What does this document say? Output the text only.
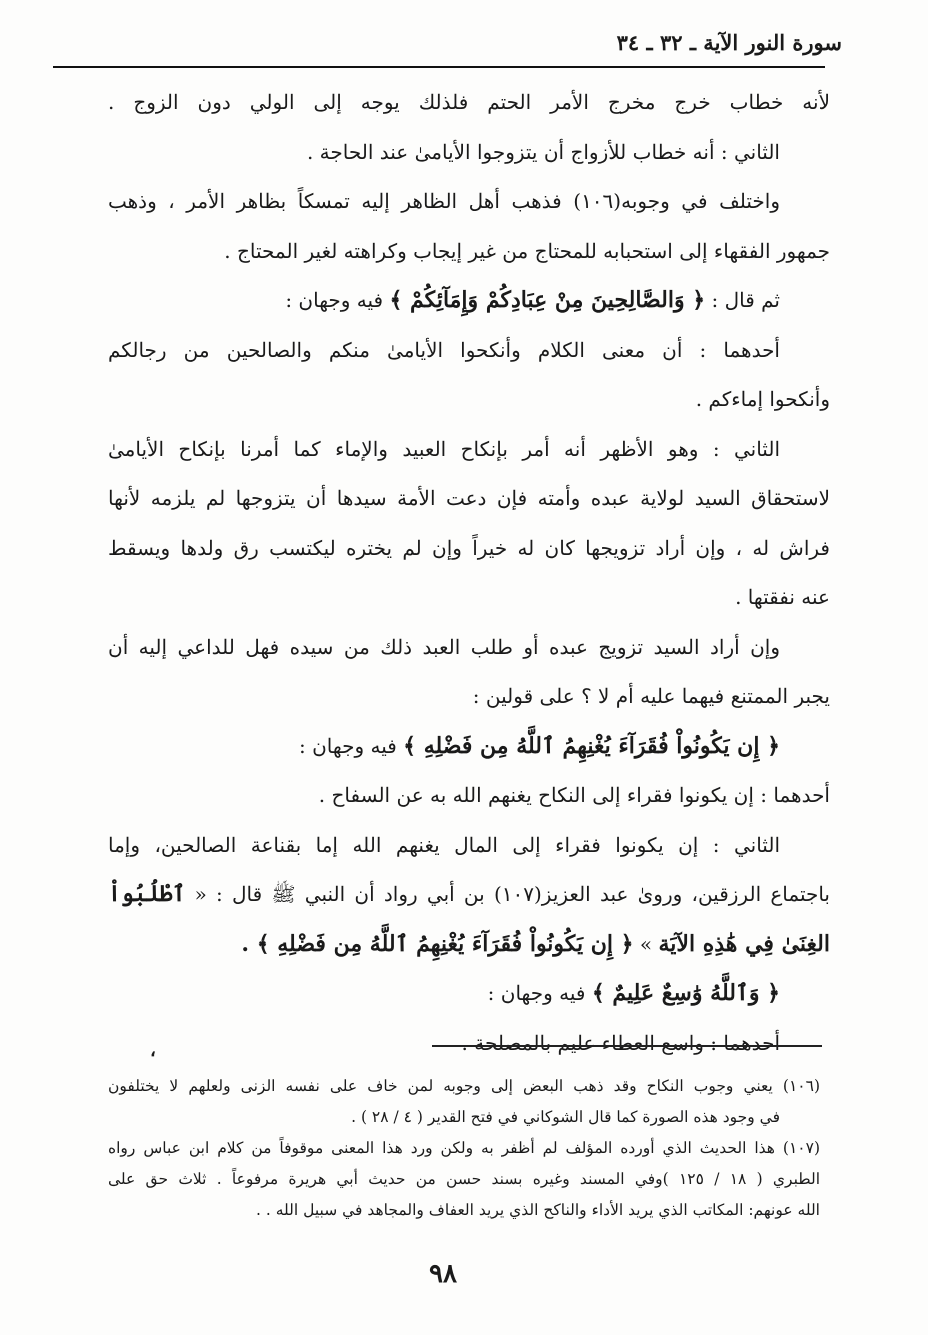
سورة النور الآية ـ ٣٢ ـ ٣٤

لأنه خطاب خرج مخرج الأمر الحتم فلذلك يوجه إلى الولي دون الزوج .

الثاني : أنه خطاب للأزواج أن يتزوجوا الأيامىٰ عند الحاجة .

واختلف في وجوبه(١٠٦) فذهب أهل الظاهر إليه تمسكاً بظاهر الأمر ، وذهب

جمهور الفقهاء إلى استحبابه للمحتاج من غير إيجاب وكراهته لغير المحتاج .

ثم قال : ﴿ وَالصَّالِحِينَ مِنْ عِبَادِكُمْ وَإِمَآئِكُمْ ﴾ فيه وجهان :

أحدهما : أن معنى الكلام وأنكحوا الأيامىٰ منكم والصالحين من رجالكم

وأنكحوا إماءكم .

الثاني : وهو الأظهر أنه أمر بإنكاح العبيد والإماء كما أمرنا بإنكاح الأيامىٰ

لاستحقاق السيد لولاية عبده وأمته فإن دعت الأمة سيدها أن يتزوجها لم يلزمه لأنها

فراش له ، وإن أراد تزويجها كان له خيراً وإن لم يختره ليكتسب رق ولدها ويسقط

عنه نفقتها .

وإن أراد السيد تزويج عبده أو طلب العبد ذلك من سيده فهل للداعي إليه أن

يجبر الممتنع فيهما عليه أم لا ؟ على قولين :

﴿ إِن يَكُونُواْ فُقَرَآءَ يُغْنِهِمُ ٱللَّهُ مِن فَضْلِهِ ﴾ فيه وجهان :

أحدهما : إن يكونوا فقراء إلى النكاح يغنهم الله به عن السفاح .

الثاني : إن يكونوا فقراء إلى المال يغنهم الله إما بقناعة الصالحين، وإما

باجتماع الرزقين، وروىٰ عبد العزيز(١٠٧) بن أبي رواد أن النبي ﷺ قال : « ٱطْلُبُواْ

الغِنَىٰ فِي هَٰذِهِ الآيَة » ﴿ إِن يَكُونُواْ فُقَرَآءَ يُغْنِهِمُ ٱللَّهُ مِن فَضْلِهِ ﴾ .

﴿ وَٱللَّهُ وَٰسِعٌ عَلِيمٌ ﴾ فيه وجهان :

أحدهما : واسع العطاء عليم بالمصلحة .

،

(١٠٦) يعني وجوب النكاح وقد ذهب البعض إلى وجوبه لمن خاف على نفسه الزنى ولعلهم لا يختلفون

في وجود هذه الصورة كما قال الشوكاني في فتح القدير ( ٤ / ٢٨ ) .

(١٠٧) هذا الحديث الذي أورده المؤلف لم أظفر به ولكن ورد هذا المعنى موقوفاً من كلام ابن عباس رواه

الطبري ( ١٨ / ١٢٥ )وفي المسند وغيره بسند حسن من حديث أبي هريرة مرفوعاً . ثلاث حق على

الله عونهم: المكاتب الذي يريد الأداء والناكح الذي يريد العفاف والمجاهد في سبيل الله . .

٩٨
